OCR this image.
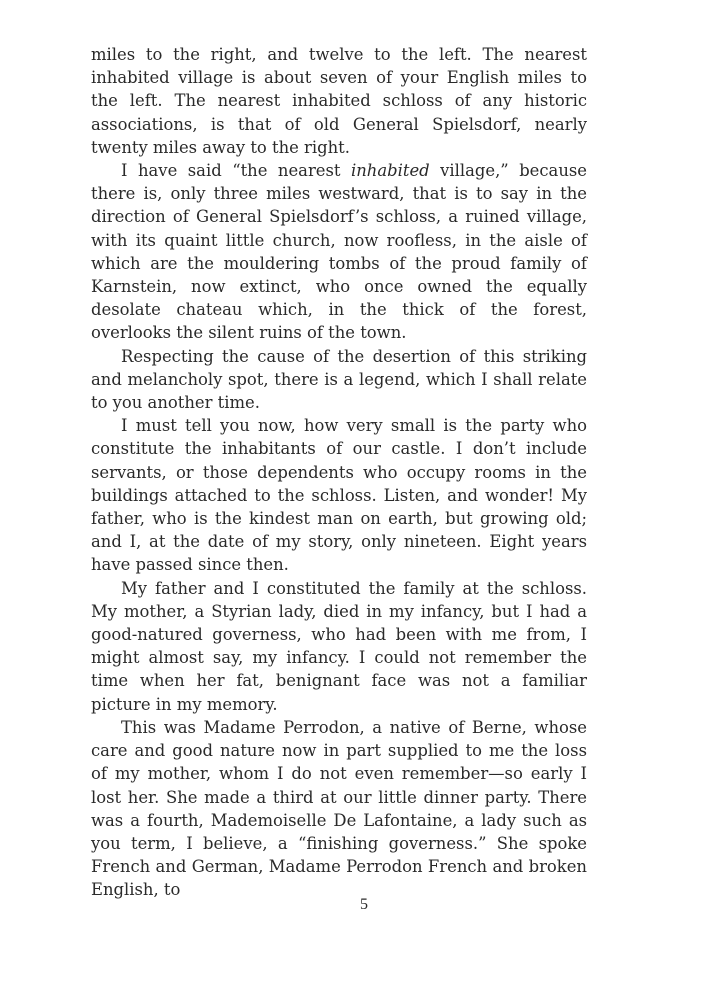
miles to the right, and twelve to the left. The nearest inhabited village is about seven of your English miles to the left. The nearest inhabited schloss of any historic associations, is that of old General Spielsdorf, nearly twenty miles away to the right.

I have said “the nearest inhabited village,” because there is, only three miles westward, that is to say in the direction of General Spielsdorf’s schloss, a ruined village, with its quaint little church, now roofless, in the aisle of which are the mouldering tombs of the proud family of Karnstein, now extinct, who once owned the equally desolate chateau which, in the thick of the forest, overlooks the silent ruins of the town.

Respecting the cause of the desertion of this striking and melancholy spot, there is a legend, which I shall relate to you another time.

I must tell you now, how very small is the party who constitute the inhabitants of our castle. I don’t include servants, or those dependents who occupy rooms in the buildings attached to the schloss. Listen, and wonder! My father, who is the kindest man on earth, but growing old; and I, at the date of my story, only nineteen. Eight years have passed since then.

My father and I constituted the family at the schloss. My mother, a Styrian lady, died in my infancy, but I had a good-natured governess, who had been with me from, I might almost say, my infancy. I could not remember the time when her fat, benignant face was not a familiar picture in my memory.

This was Madame Perrodon, a native of Berne, whose care and good nature now in part supplied to me the loss of my mother, whom I do not even remember—so early I lost her. She made a third at our little dinner party. There was a fourth, Mademoiselle De Lafontaine, a lady such as you term, I believe, a “finishing governess.” She spoke French and German, Madame Perrodon French and broken English, to

5
